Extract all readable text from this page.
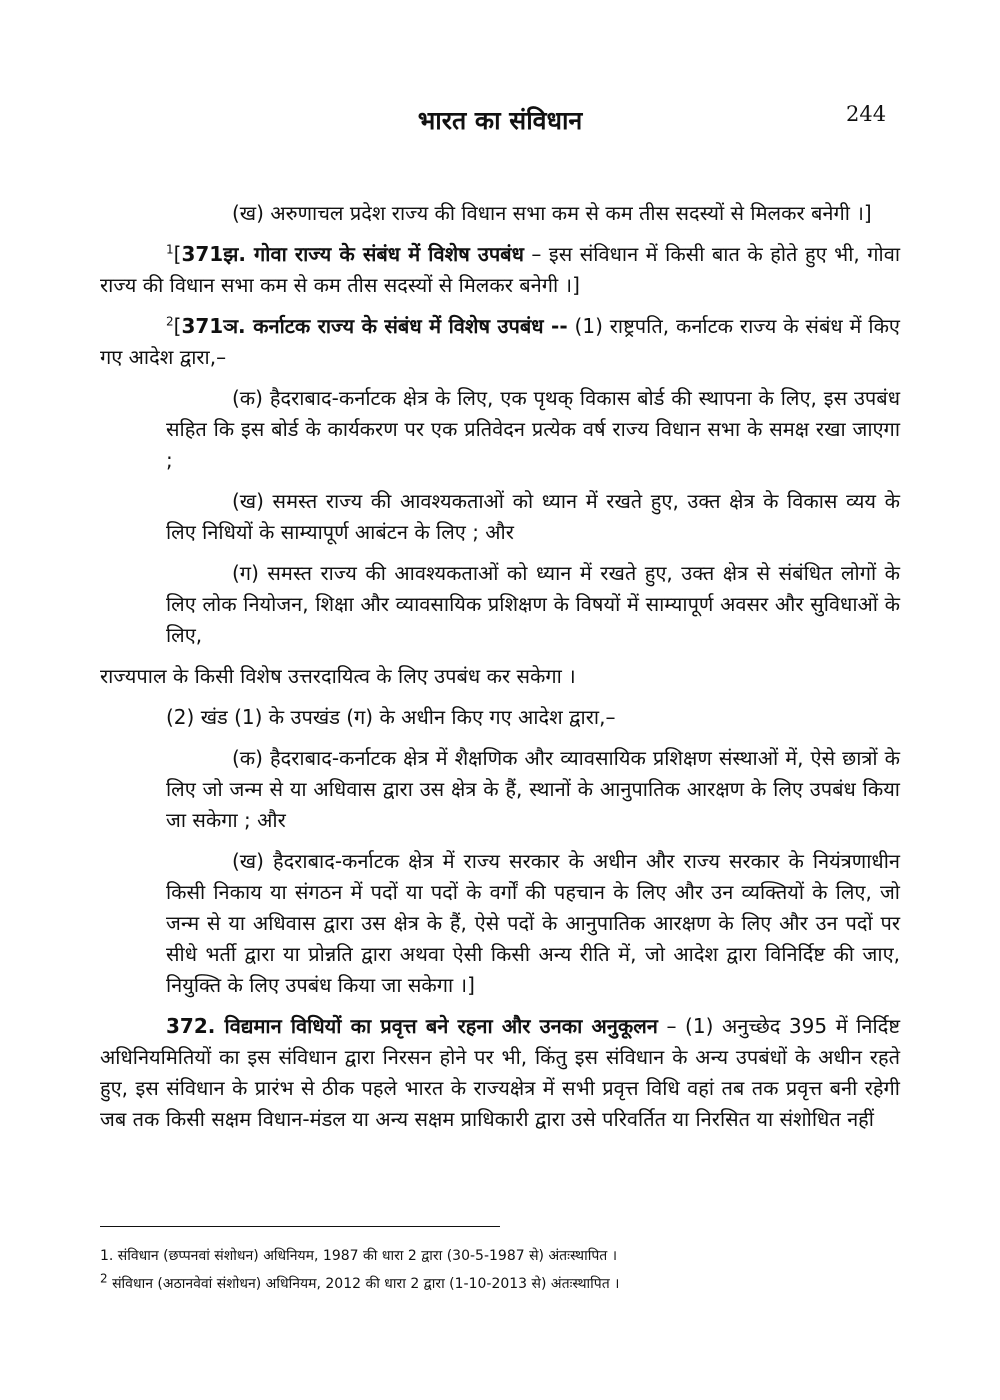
भारत का संविधान	244

(ख) अरुणाचल प्रदेश राज्य की विधान सभा कम से कम तीस सदस्यों से मिलकर बनेगी ।]

$^1$[371झ. गोवा राज्य के संबंध में विशेष उपबंध – इस संविधान में किसी बात के होते हुए भी, गोवा राज्य की विधान सभा कम से कम तीस सदस्यों से मिलकर बनेगी ।]

$^2$[371ञ. कर्नाटक राज्य के संबंध में विशेष उपबंध -- (1) राष्ट्रपति, कर्नाटक राज्य के संबंध में किए गए आदेश द्वारा,–

(क) हैदराबाद-कर्नाटक क्षेत्र के लिए, एक पृथक् विकास बोर्ड की स्थापना के लिए, इस उपबंध सहित कि इस बोर्ड के कार्यकरण पर एक प्रतिवेदन प्रत्येक वर्ष राज्य विधान सभा के समक्ष रखा जाएगा ;

(ख) समस्त राज्य की आवश्यकताओं को ध्यान में रखते हुए, उक्त क्षेत्र के विकास व्यय के लिए निधियों के साम्यापूर्ण आबंटन के लिए ; और

(ग) समस्त राज्य की आवश्यकताओं को ध्यान में रखते हुए, उक्त क्षेत्र से संबंधित लोगों के लिए लोक नियोजन, शिक्षा और व्यावसायिक प्रशिक्षण के विषयों में साम्यापूर्ण अवसर और सुविधाओं के लिए,

राज्यपाल के किसी विशेष उत्तरदायित्व के लिए उपबंध कर सकेगा ।

(2) खंड (1) के उपखंड (ग) के अधीन किए गए आदेश द्वारा,–

(क) हैदराबाद-कर्नाटक क्षेत्र में शैक्षणिक और व्यावसायिक प्रशिक्षण संस्थाओं में, ऐसे छात्रों के लिए जो जन्म से या अधिवास द्वारा उस क्षेत्र के हैं, स्थानों के आनुपातिक आरक्षण के लिए उपबंध किया जा सकेगा ; और

(ख) हैदराबाद-कर्नाटक क्षेत्र में राज्य सरकार के अधीन और राज्य सरकार के नियंत्रणाधीन किसी निकाय या संगठन में पदों या पदों के वर्गों की पहचान के लिए और उन व्यक्तियों के लिए, जो जन्म से या अधिवास द्वारा उस क्षेत्र के हैं, ऐसे पदों के आनुपातिक आरक्षण के लिए और उन पदों पर सीधे भर्ती द्वारा या प्रोन्नति द्वारा अथवा ऐसी किसी अन्य रीति में, जो आदेश द्वारा विनिर्दिष्ट की जाए, नियुक्ति के लिए उपबंध किया जा सकेगा ।]

372. विद्यमान विधियों का प्रवृत्त बने रहना और उनका अनुकूलन – (1) अनुच्छेद 395 में निर्दिष्ट अधिनियमितियों का इस संविधान द्वारा निरसन होने पर भी, किंतु इस संविधान के अन्य उपबंधों के अधीन रहते हुए, इस संविधान के प्रारंभ से ठीक पहले भारत के राज्यक्षेत्र में सभी प्रवृत्त विधि वहां तब तक प्रवृत्त बनी रहेगी जब तक किसी सक्षम विधान-मंडल या अन्य सक्षम प्राधिकारी द्वारा उसे परिवर्तित या निरसित या संशोधित नहीं

1. संविधान (छप्पनवां संशोधन) अधिनियम, 1987 की धारा 2 द्वारा (30-5-1987 से) अंतःस्थापित ।

2 संविधान (अठानवेवां संशोधन) अधिनियम, 2012 की धारा 2 द्वारा (1-10-2013 से) अंतःस्थापित ।
